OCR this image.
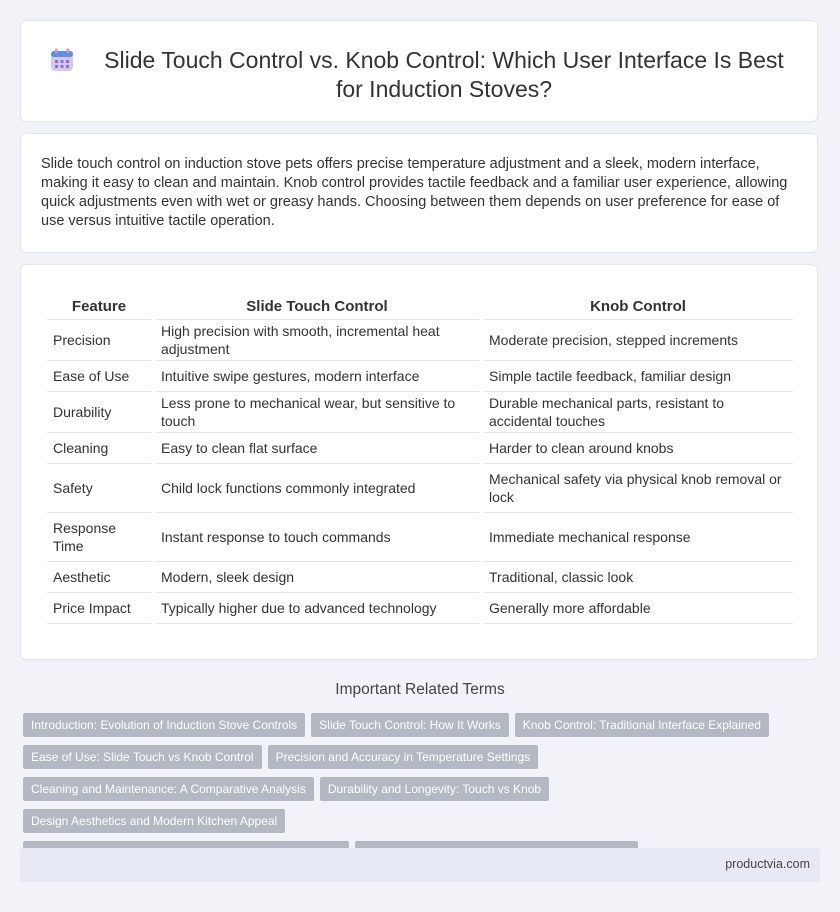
Slide Touch Control vs. Knob Control: Which User Interface Is Best for Induction Stoves?

Slide touch control on induction stove pets offers precise temperature adjustment and a sleek, modern interface, making it easy to clean and maintain. Knob control provides tactile feedback and a familiar user experience, allowing quick adjustments even with wet or greasy hands. Choosing between them depends on user preference for ease of use versus intuitive tactile operation.

Feature	Slide Touch Control	Knob Control
Precision	High precision with smooth, incremental heat adjustment	Moderate precision, stepped increments
Ease of Use	Intuitive swipe gestures, modern interface	Simple tactile feedback, familiar design
Durability	Less prone to mechanical wear, but sensitive to touch	Durable mechanical parts, resistant to accidental touches
Cleaning	Easy to clean flat surface	Harder to clean around knobs
Safety	Child lock functions commonly integrated	Mechanical safety via physical knob removal or lock
Response Time	Instant response to touch commands	Immediate mechanical response
Aesthetic	Modern, sleek design	Traditional, classic look
Price Impact	Typically higher due to advanced technology	Generally more affordable
Important Related Terms
Introduction: Evolution of Induction Stove Controls Slide Touch Control: How It Works Knob Control: Traditional Interface Explained
Ease of Use: Slide Touch vs Knob Control Precision and Accuracy in Temperature Settings
Cleaning and Maintenance: A Comparative Analysis Durability and Longevity: Touch vs KnobDesign Aesthetics and Modern Kitchen Appeal

productvia.com
